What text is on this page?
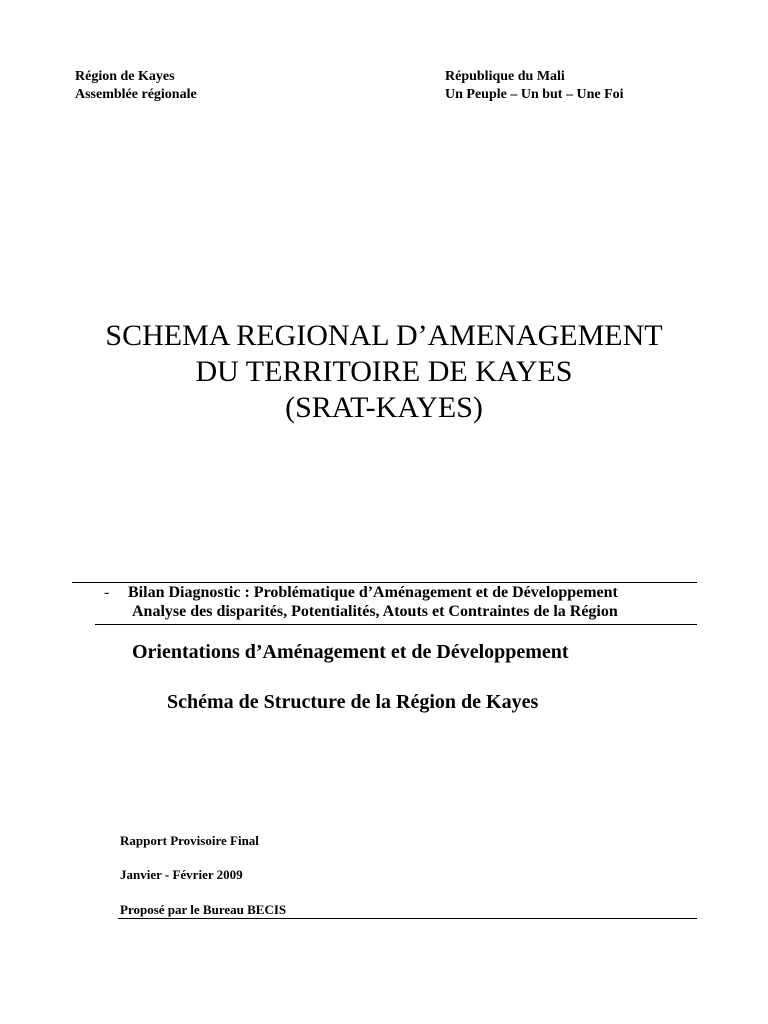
Région de Kayes
Assemblée régionale
République du Mali
Un Peuple – Un but – Une Foi
SCHEMA REGIONAL D’AMENAGEMENT
DU TERRITOIRE DE KAYES
(SRAT-KAYES)
- Bilan Diagnostic : Problématique d’Aménagement et de Développement
Analyse des disparités, Potentialités, Atouts et Contraintes de la Région
Orientations d’Aménagement et de Développement
Schéma de Structure de la Région de Kayes
Rapport Provisoire Final
Janvier - Février 2009
Proposé par le Bureau BECIS
